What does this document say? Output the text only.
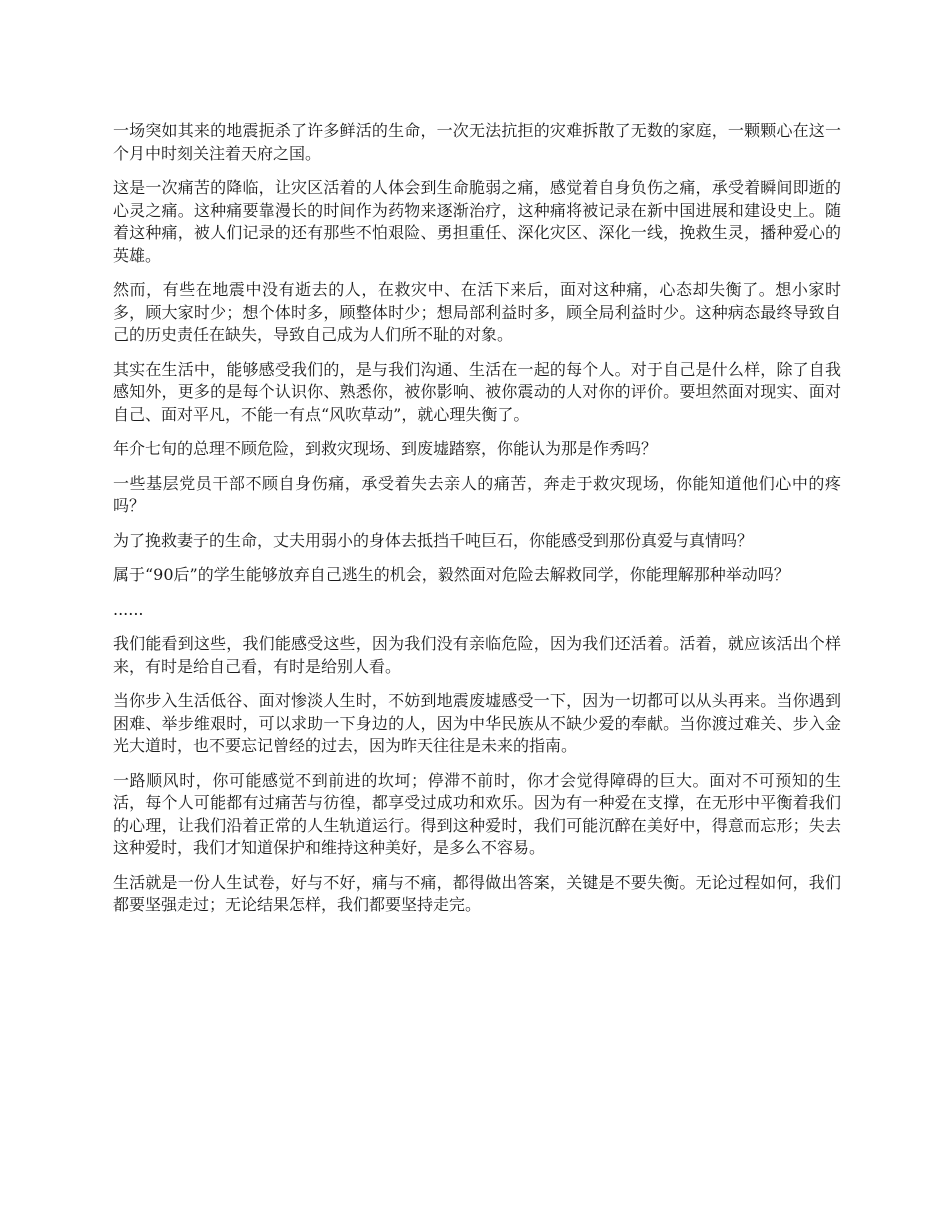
一场突如其来的地震扼杀了许多鲜活的生命，一次无法抗拒的灾难拆散了无数的家庭，一颗颗心在这一个月中时刻关注着天府之国。

这是一次痛苦的降临，让灾区活着的人体会到生命脆弱之痛，感觉着自身负伤之痛，承受着瞬间即逝的心灵之痛。这种痛要靠漫长的时间作为药物来逐渐治疗，这种痛将被记录在新中国进展和建设史上。随着这种痛，被人们记录的还有那些不怕艰险、勇担重任、深化灾区、深化一线，挽救生灵，播种爱心的英雄。

然而，有些在地震中没有逝去的人，在救灾中、在活下来后，面对这种痛，心态却失衡了。想小家时多，顾大家时少；想个体时多，顾整体时少；想局部利益时多，顾全局利益时少。这种病态最终导致自己的历史责任在缺失，导致自己成为人们所不耻的对象。

其实在生活中，能够感受我们的，是与我们沟通、生活在一起的每个人。对于自己是什么样，除了自我感知外，更多的是每个认识你、熟悉你，被你影响、被你震动的人对你的评价。要坦然面对现实、面对自己、面对平凡，不能一有点“风吹草动”，就心理失衡了。

年介七旬的总理不顾危险，到救灾现场、到废墟踏察，你能认为那是作秀吗？

一些基层党员干部不顾自身伤痛，承受着失去亲人的痛苦，奔走于救灾现场，你能知道他们心中的疼吗？

为了挽救妻子的生命，丈夫用弱小的身体去抵挡千吨巨石，你能感受到那份真爱与真情吗？

属于“90后”的学生能够放弃自己逃生的机会，毅然面对危险去解救同学，你能理解那种举动吗？

......

我们能看到这些，我们能感受这些，因为我们没有亲临危险，因为我们还活着。活着，就应该活出个样来，有时是给自己看，有时是给别人看。

当你步入生活低谷、面对惨淡人生时，不妨到地震废墟感受一下，因为一切都可以从头再来。当你遇到困难、举步维艰时，可以求助一下身边的人，因为中华民族从不缺少爱的奉献。当你渡过难关、步入金光大道时，也不要忘记曾经的过去，因为昨天往往是未来的指南。

一路顺风时，你可能感觉不到前进的坎坷；停滞不前时，你才会觉得障碍的巨大。面对不可预知的生活，每个人可能都有过痛苦与彷徨，都享受过成功和欢乐。因为有一种爱在支撑，在无形中平衡着我们的心理，让我们沿着正常的人生轨道运行。得到这种爱时，我们可能沉醉在美好中，得意而忘形；失去这种爱时，我们才知道保护和维持这种美好，是多么不容易。

生活就是一份人生试卷，好与不好，痛与不痛，都得做出答案，关键是不要失衡。无论过程如何，我们都要坚强走过；无论结果怎样，我们都要坚持走完。
